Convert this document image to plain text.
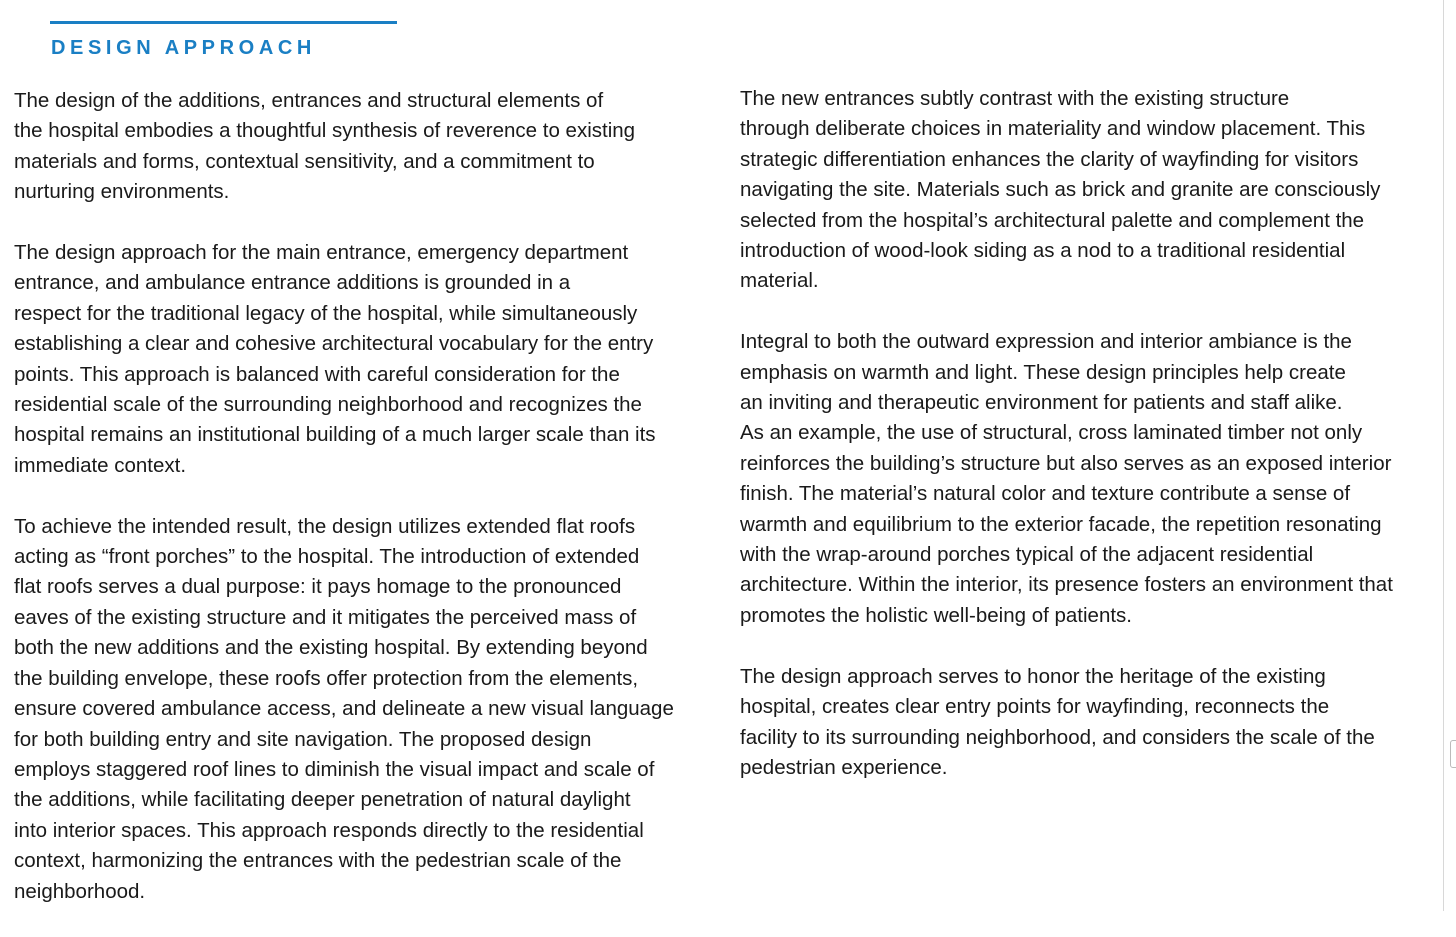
DESIGN APPROACH
The design of the additions, entrances and structural elements of
the hospital embodies a thoughtful synthesis of reverence to existing
materials and forms, contextual sensitivity, and a commitment to
nurturing environments.
The design approach for the main entrance, emergency department
entrance, and ambulance entrance additions is grounded in a
respect for the traditional legacy of the hospital, while simultaneously
establishing a clear and cohesive architectural vocabulary for the entry
points. This approach is balanced with careful consideration for the
residential scale of the surrounding neighborhood and recognizes the
hospital remains an institutional building of a much larger scale than its
immediate context.
To achieve the intended result, the design utilizes extended flat roofs
acting as “front porches” to the hospital. The introduction of extended
flat roofs serves a dual purpose: it pays homage to the pronounced
eaves of the existing structure and it mitigates the perceived mass of
both the new additions and the existing hospital. By extending beyond
the building envelope, these roofs offer protection from the elements,
ensure covered ambulance access, and delineate a new visual language
for both building entry and site navigation. The proposed design
employs staggered roof lines to diminish the visual impact and scale of
the additions, while facilitating deeper penetration of natural daylight
into interior spaces. This approach responds directly to the residential
context, harmonizing the entrances with the pedestrian scale of the
neighborhood.
The new entrances subtly contrast with the existing structure
through deliberate choices in materiality and window placement. This
strategic differentiation enhances the clarity of wayfinding for visitors
navigating the site. Materials such as brick and granite are consciously
selected from the hospital’s architectural palette and complement the
introduction of wood-look siding as a nod to a traditional residential
material.
Integral to both the outward expression and interior ambiance is the
emphasis on warmth and light. These design principles help create
an inviting and therapeutic environment for patients and staff alike.
As an example, the use of structural, cross laminated timber not only
reinforces the building’s structure but also serves as an exposed interior
finish. The material’s natural color and texture contribute a sense of
warmth and equilibrium to the exterior facade, the repetition resonating
with the wrap-around porches typical of the adjacent residential
architecture. Within the interior, its presence fosters an environment that
promotes the holistic well-being of patients.
The design approach serves to honor the heritage of the existing
hospital, creates clear entry points for wayfinding, reconnects the
facility to its surrounding neighborhood, and considers the scale of the
pedestrian experience.
